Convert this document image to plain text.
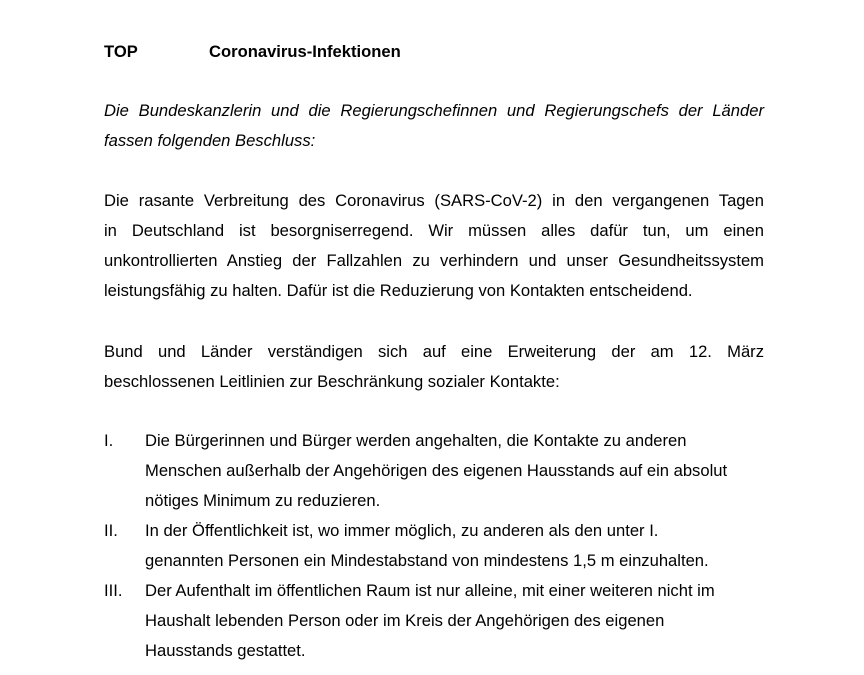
TOP	Coronavirus-Infektionen

Die Bundeskanzlerin und die Regierungschefinnen und Regierungschefs der Länder
fassen folgenden Beschluss:

Die rasante Verbreitung des Coronavirus (SARS-CoV-2) in den vergangenen Tagen
in Deutschland ist besorgniserregend. Wir müssen alles dafür tun, um einen
unkontrollierten Anstieg der Fallzahlen zu verhindern und unser Gesundheitssystem
leistungsfähig zu halten. Dafür ist die Reduzierung von Kontakten entscheidend.

Bund und Länder verständigen sich auf eine Erweiterung der am 12. März
beschlossenen Leitlinien zur Beschränkung sozialer Kontakte:

I. Die Bürgerinnen und Bürger werden angehalten, die Kontakte zu anderen
Menschen außerhalb der Angehörigen des eigenen Hausstands auf ein absolut
nötiges Minimum zu reduzieren.
II. In der Öffentlichkeit ist, wo immer möglich, zu anderen als den unter I.
genannten Personen ein Mindestabstand von mindestens 1,5 m einzuhalten.
III. Der Aufenthalt im öffentlichen Raum ist nur alleine, mit einer weiteren nicht im
Haushalt lebenden Person oder im Kreis der Angehörigen des eigenen
Hausstands gestattet.
